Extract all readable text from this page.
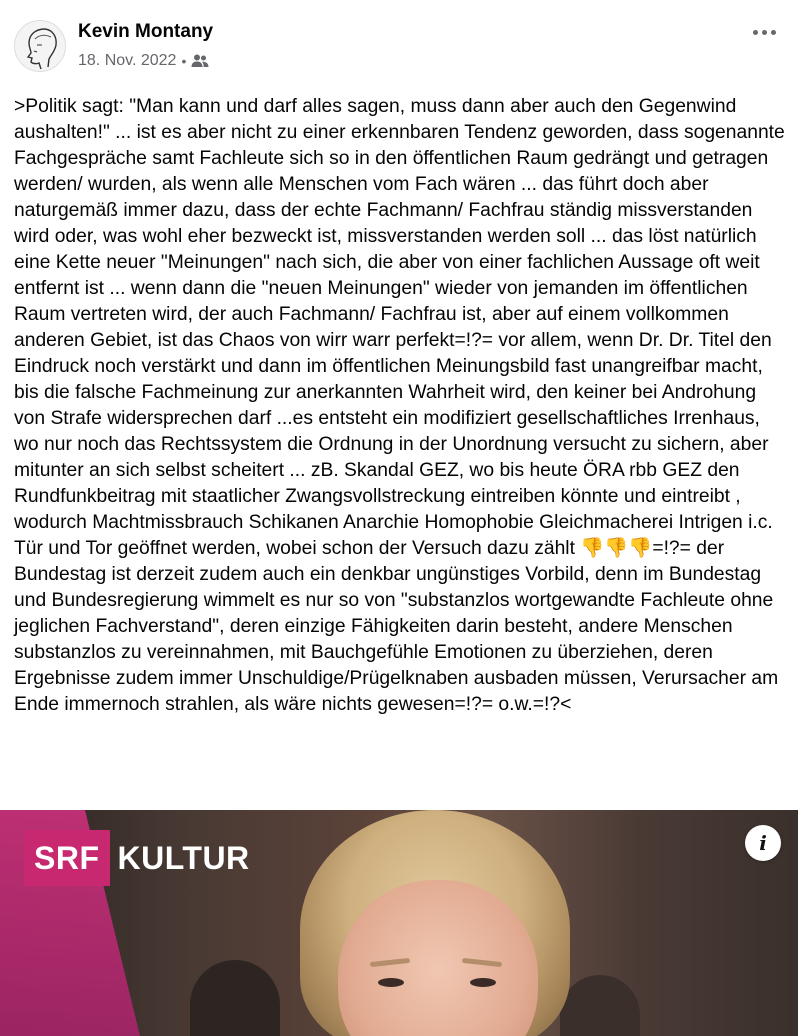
Kevin Montany
18. Nov. 2022 •

>Politik sagt: "Man kann und darf alles sagen, muss dann aber auch den Gegenwind aushalten!" ... ist es aber nicht zu einer erkennbaren Tendenz geworden, dass sogenannte Fachgespräche samt Fachleute sich so in den öffentlichen Raum gedrängt und getragen werden/ wurden, als wenn alle Menschen vom Fach wären ... das führt doch aber naturgemäß immer dazu, dass der echte Fachmann/ Fachfrau ständig missverstanden wird oder, was wohl eher bezweckt ist, missverstanden werden soll ... das löst natürlich eine Kette neuer "Meinungen" nach sich, die aber von einer fachlichen Aussage oft weit entfernt ist ... wenn dann die "neuen Meinungen" wieder von jemanden im öffentlichen Raum vertreten wird, der auch Fachmann/ Fachfrau ist, aber auf einem vollkommen anderen Gebiet, ist das Chaos von wirr warr perfekt=!?= vor allem, wenn Dr. Dr. Titel den Eindruck noch verstärkt und dann im öffentlichen Meinungsbild fast unangreifbar macht, bis die falsche Fachmeinung zur anerkannten Wahrheit wird, den keiner bei Androhung von Strafe widersprechen darf ...es entsteht ein modifiziert gesellschaftliches Irrenhaus, wo nur noch das Rechtssystem die Ordnung in der Unordnung versucht zu sichern, aber mitunter an sich selbst scheitert ... zB. Skandal GEZ, wo bis heute ÖRA rbb GEZ den Rundfunkbeitrag mit staatlicher Zwangsvollstreckung eintreiben könnte und eintreibt , wodurch Machtmissbrauch Schikanen Anarchie Homophobie Gleichmacherei Intrigen i.c. Tür und Tor geöffnet werden, wobei schon der Versuch dazu zählt 👎👎👎=!?= der Bundestag ist derzeit zudem auch ein denkbar ungünstiges Vorbild, denn im Bundestag und Bundesregierung wimmelt es nur so von "substanzlos wortgewandte Fachleute ohne jeglichen Fachverstand", deren einzige Fähigkeiten darin besteht, andere Menschen substanzlos zu vereinnahmen, mit Bauchgefühle Emotionen zu überziehen, deren Ergebnisse zudem immer Unschuldige/Prügelknaben ausbaden müssen, Verursacher am Ende immernoch strahlen, als wäre nichts gewesen=!?= o.w.=!?<

SRF KULTUR	i
